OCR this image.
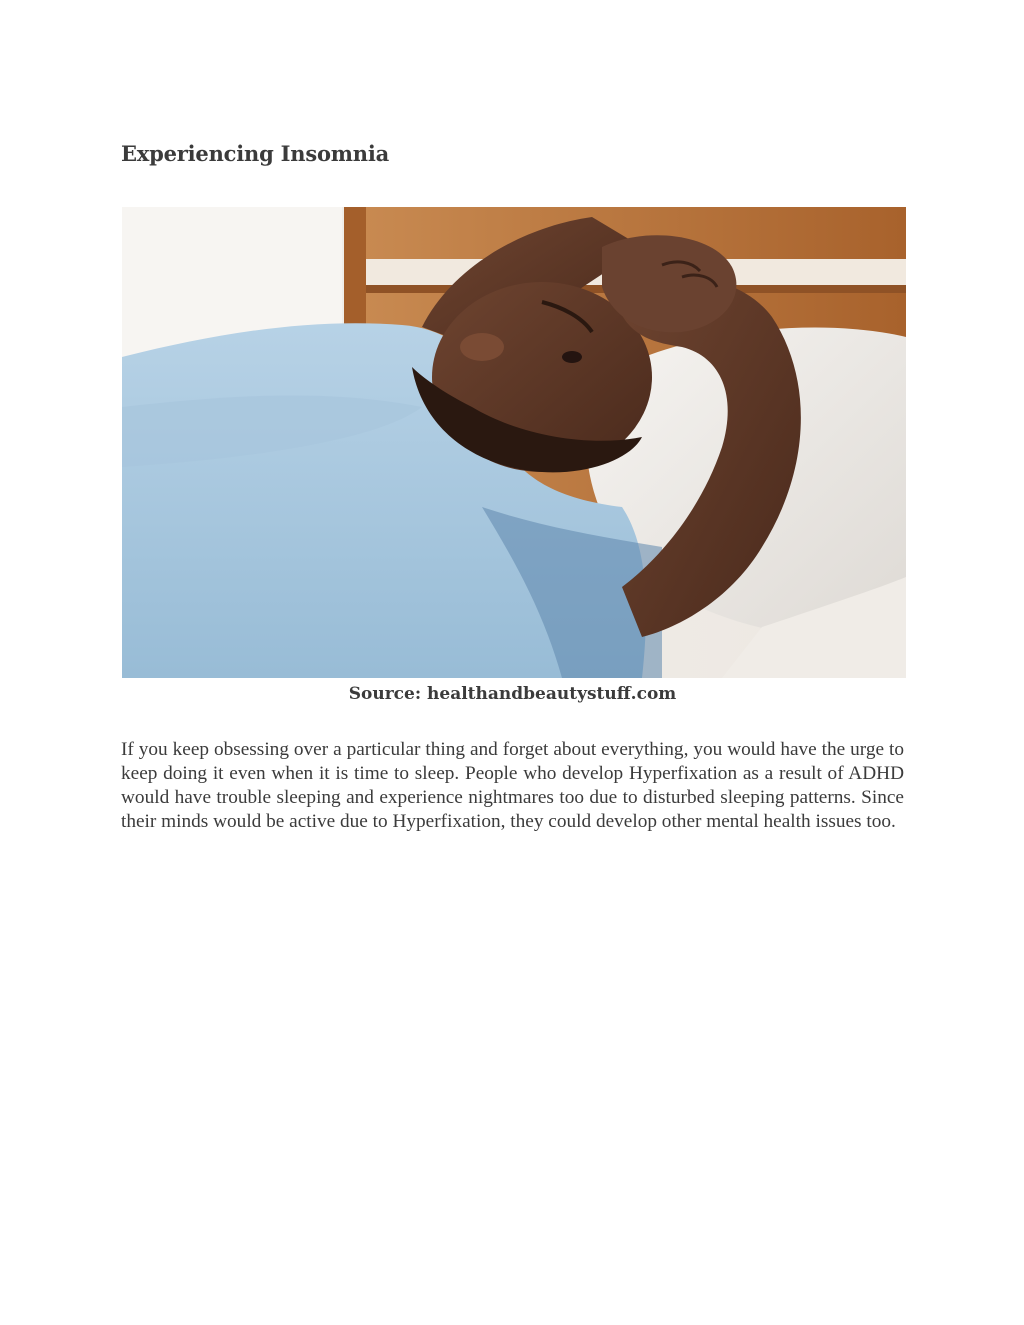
Experiencing Insomnia
Source: healthandbeautystuff.com

If you keep obsessing over a particular thing and forget about everything, you would have the urge to keep doing it even when it is time to sleep. People who develop Hyperfixation as a result of ADHD would have trouble sleeping and experience nightmares too due to disturbed sleeping patterns. Since their minds would be active due to Hyperfixation, they could develop other mental health issues too.
